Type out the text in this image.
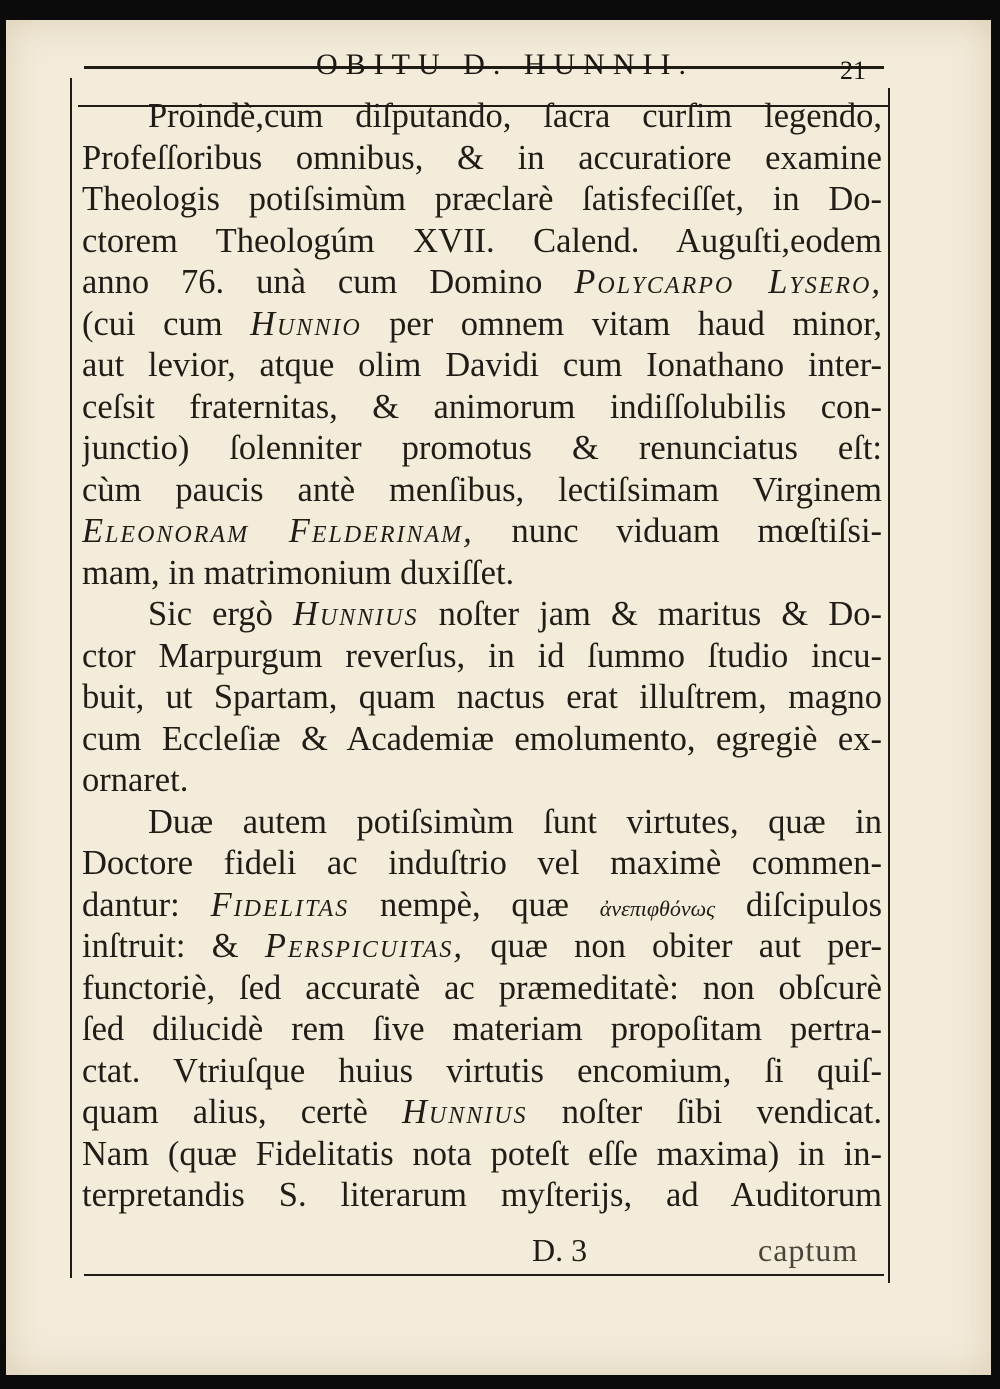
OBITU D. HUNNII.	21
Proindè,cum diſputando, ſacra curſim legendo,
Profeſſoribus omnibus, & in accuratiore examine
Theologis potiſsimùm præclarè ſatisfeciſſet, in Do-
ctorem Theologúm XVII. Calend. Auguſti,eodem
anno 76. unà cum Domino Polycarpo Lysero,
(cui cum Hunnio per omnem vitam haud minor,
aut levior, atque olim Davidi cum Ionathano inter-
ceſsit fraternitas, & animorum indiſſolubilis con-
junctio) ſolenniter promotus & renunciatus eſt:
cùm paucis antè menſibus, lectiſsimam Virginem
Eleonoram Felderinam, nunc viduam mœſtiſsi-
mam, in matrimonium duxiſſet.
Sic ergò Hunnius noſter jam & maritus & Do-
ctor Marpurgum reverſus, in id ſummo ſtudio incu-
buit, ut Spartam, quam nactus erat illuſtrem, magno
cum Eccleſiæ & Academiæ emolumento, egregiè ex-
ornaret.
Duæ autem potiſsimùm ſunt virtutes, quæ in
Doctore fideli ac induſtrio vel maximè commen-
dantur: Fidelitas nempè, quæ ἀνεπιφθόνως diſcipulos
inſtruit: & Perspicuitas, quæ non obiter aut per-
functoriè, ſed accuratè ac præmeditatè: non obſcurè
ſed dilucidè rem ſive materiam propoſitam pertra-
ctat. Vtriuſque huius virtutis encomium, ſi quiſ-
quam alius, certè Hunnius noſter ſibi vendicat.
Nam (quæ Fidelitatis nota poteſt eſſe maxima) in in-
terpretandis S. literarum myſterijs, ad Auditorum
D. 3	captum
